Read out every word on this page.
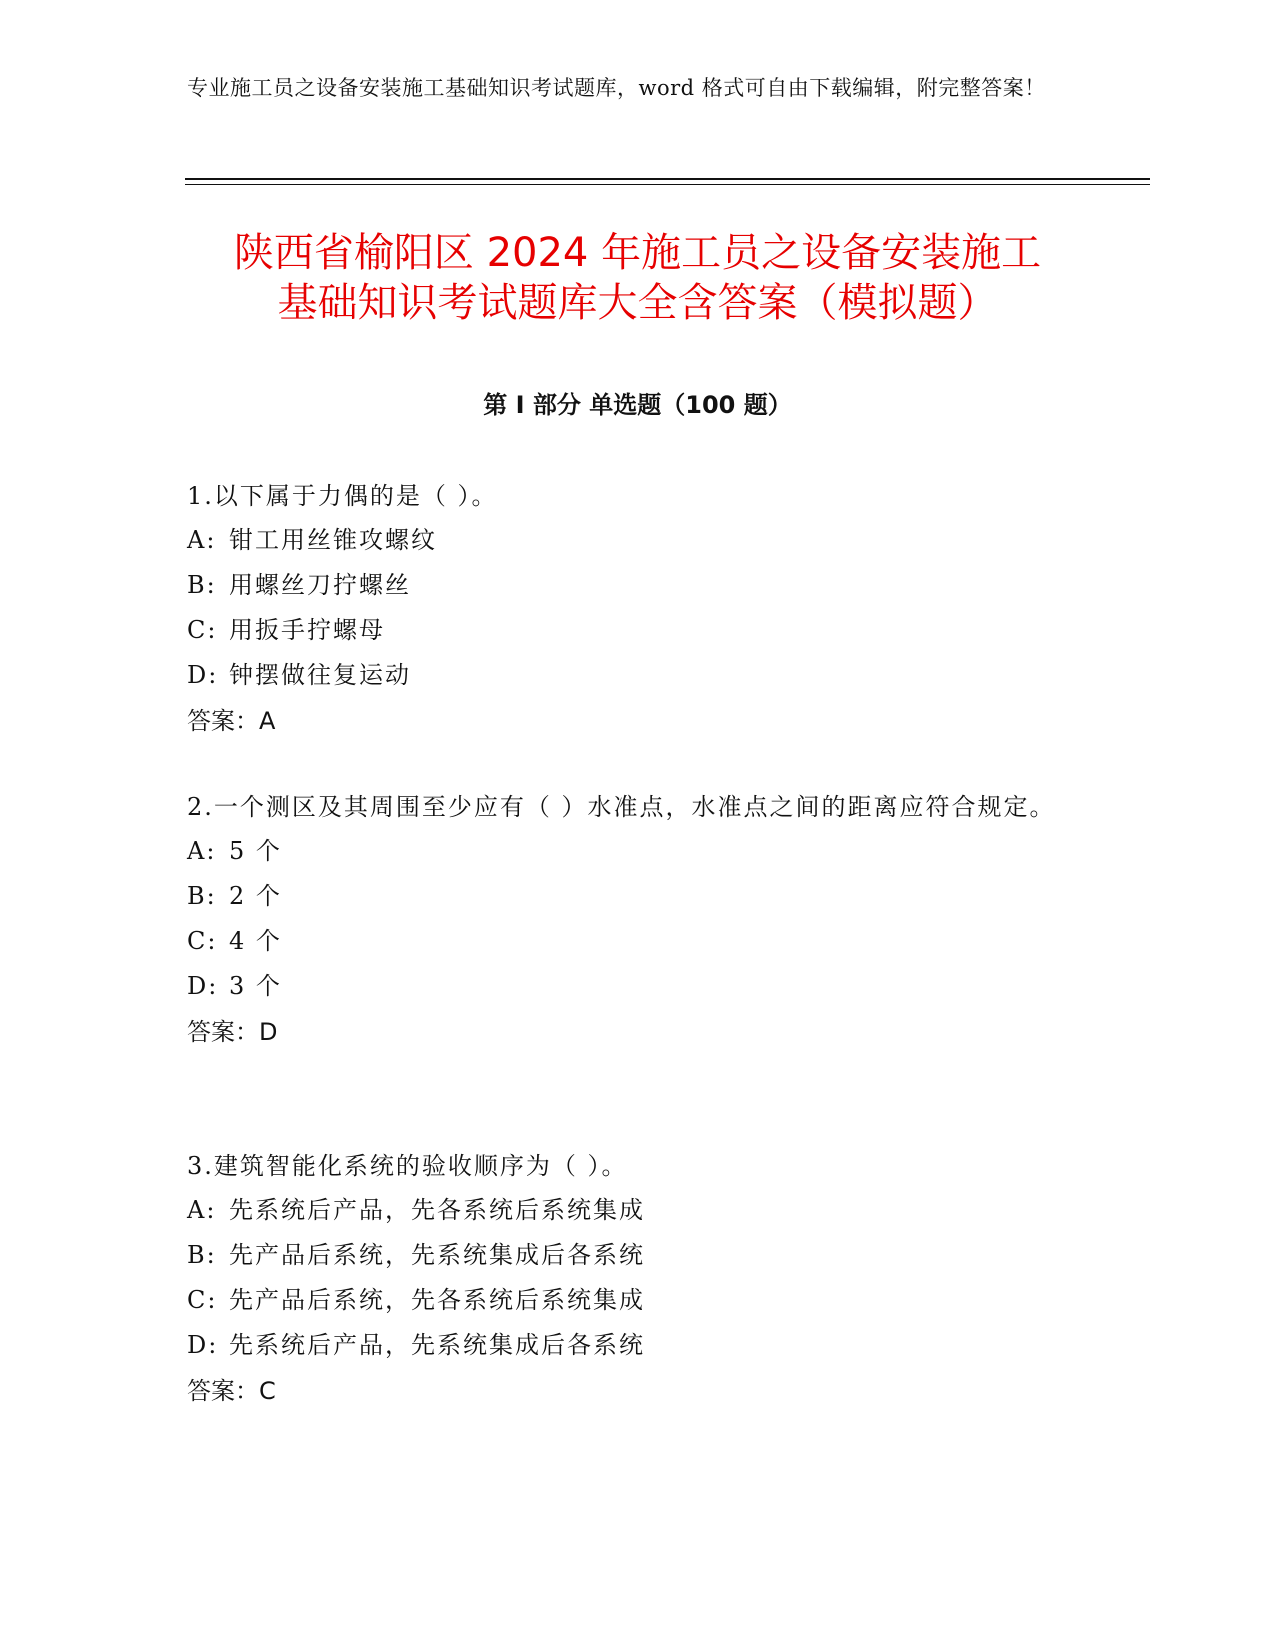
专业施工员之设备安装施工基础知识考试题库，word 格式可自由下载编辑，附完整答案！
陕西省榆阳区 2024 年施工员之设备安装施工
基础知识考试题库大全含答案（模拟题）
第 I 部分 单选题（100 题）
1.以下属于力偶的是（ ）。
A: 钳工用丝锥攻螺纹
B: 用螺丝刀拧螺丝
C: 用扳手拧螺母
D: 钟摆做往复运动
答案：A
2.一个测区及其周围至少应有（ ）水准点，水准点之间的距离应符合规定。
A: 5 个
B: 2 个
C: 4 个
D: 3 个
答案：D
3.建筑智能化系统的验收顺序为（ ）。
A: 先系统后产品，先各系统后系统集成
B: 先产品后系统，先系统集成后各系统
C: 先产品后系统，先各系统后系统集成
D: 先系统后产品，先系统集成后各系统
答案：C
